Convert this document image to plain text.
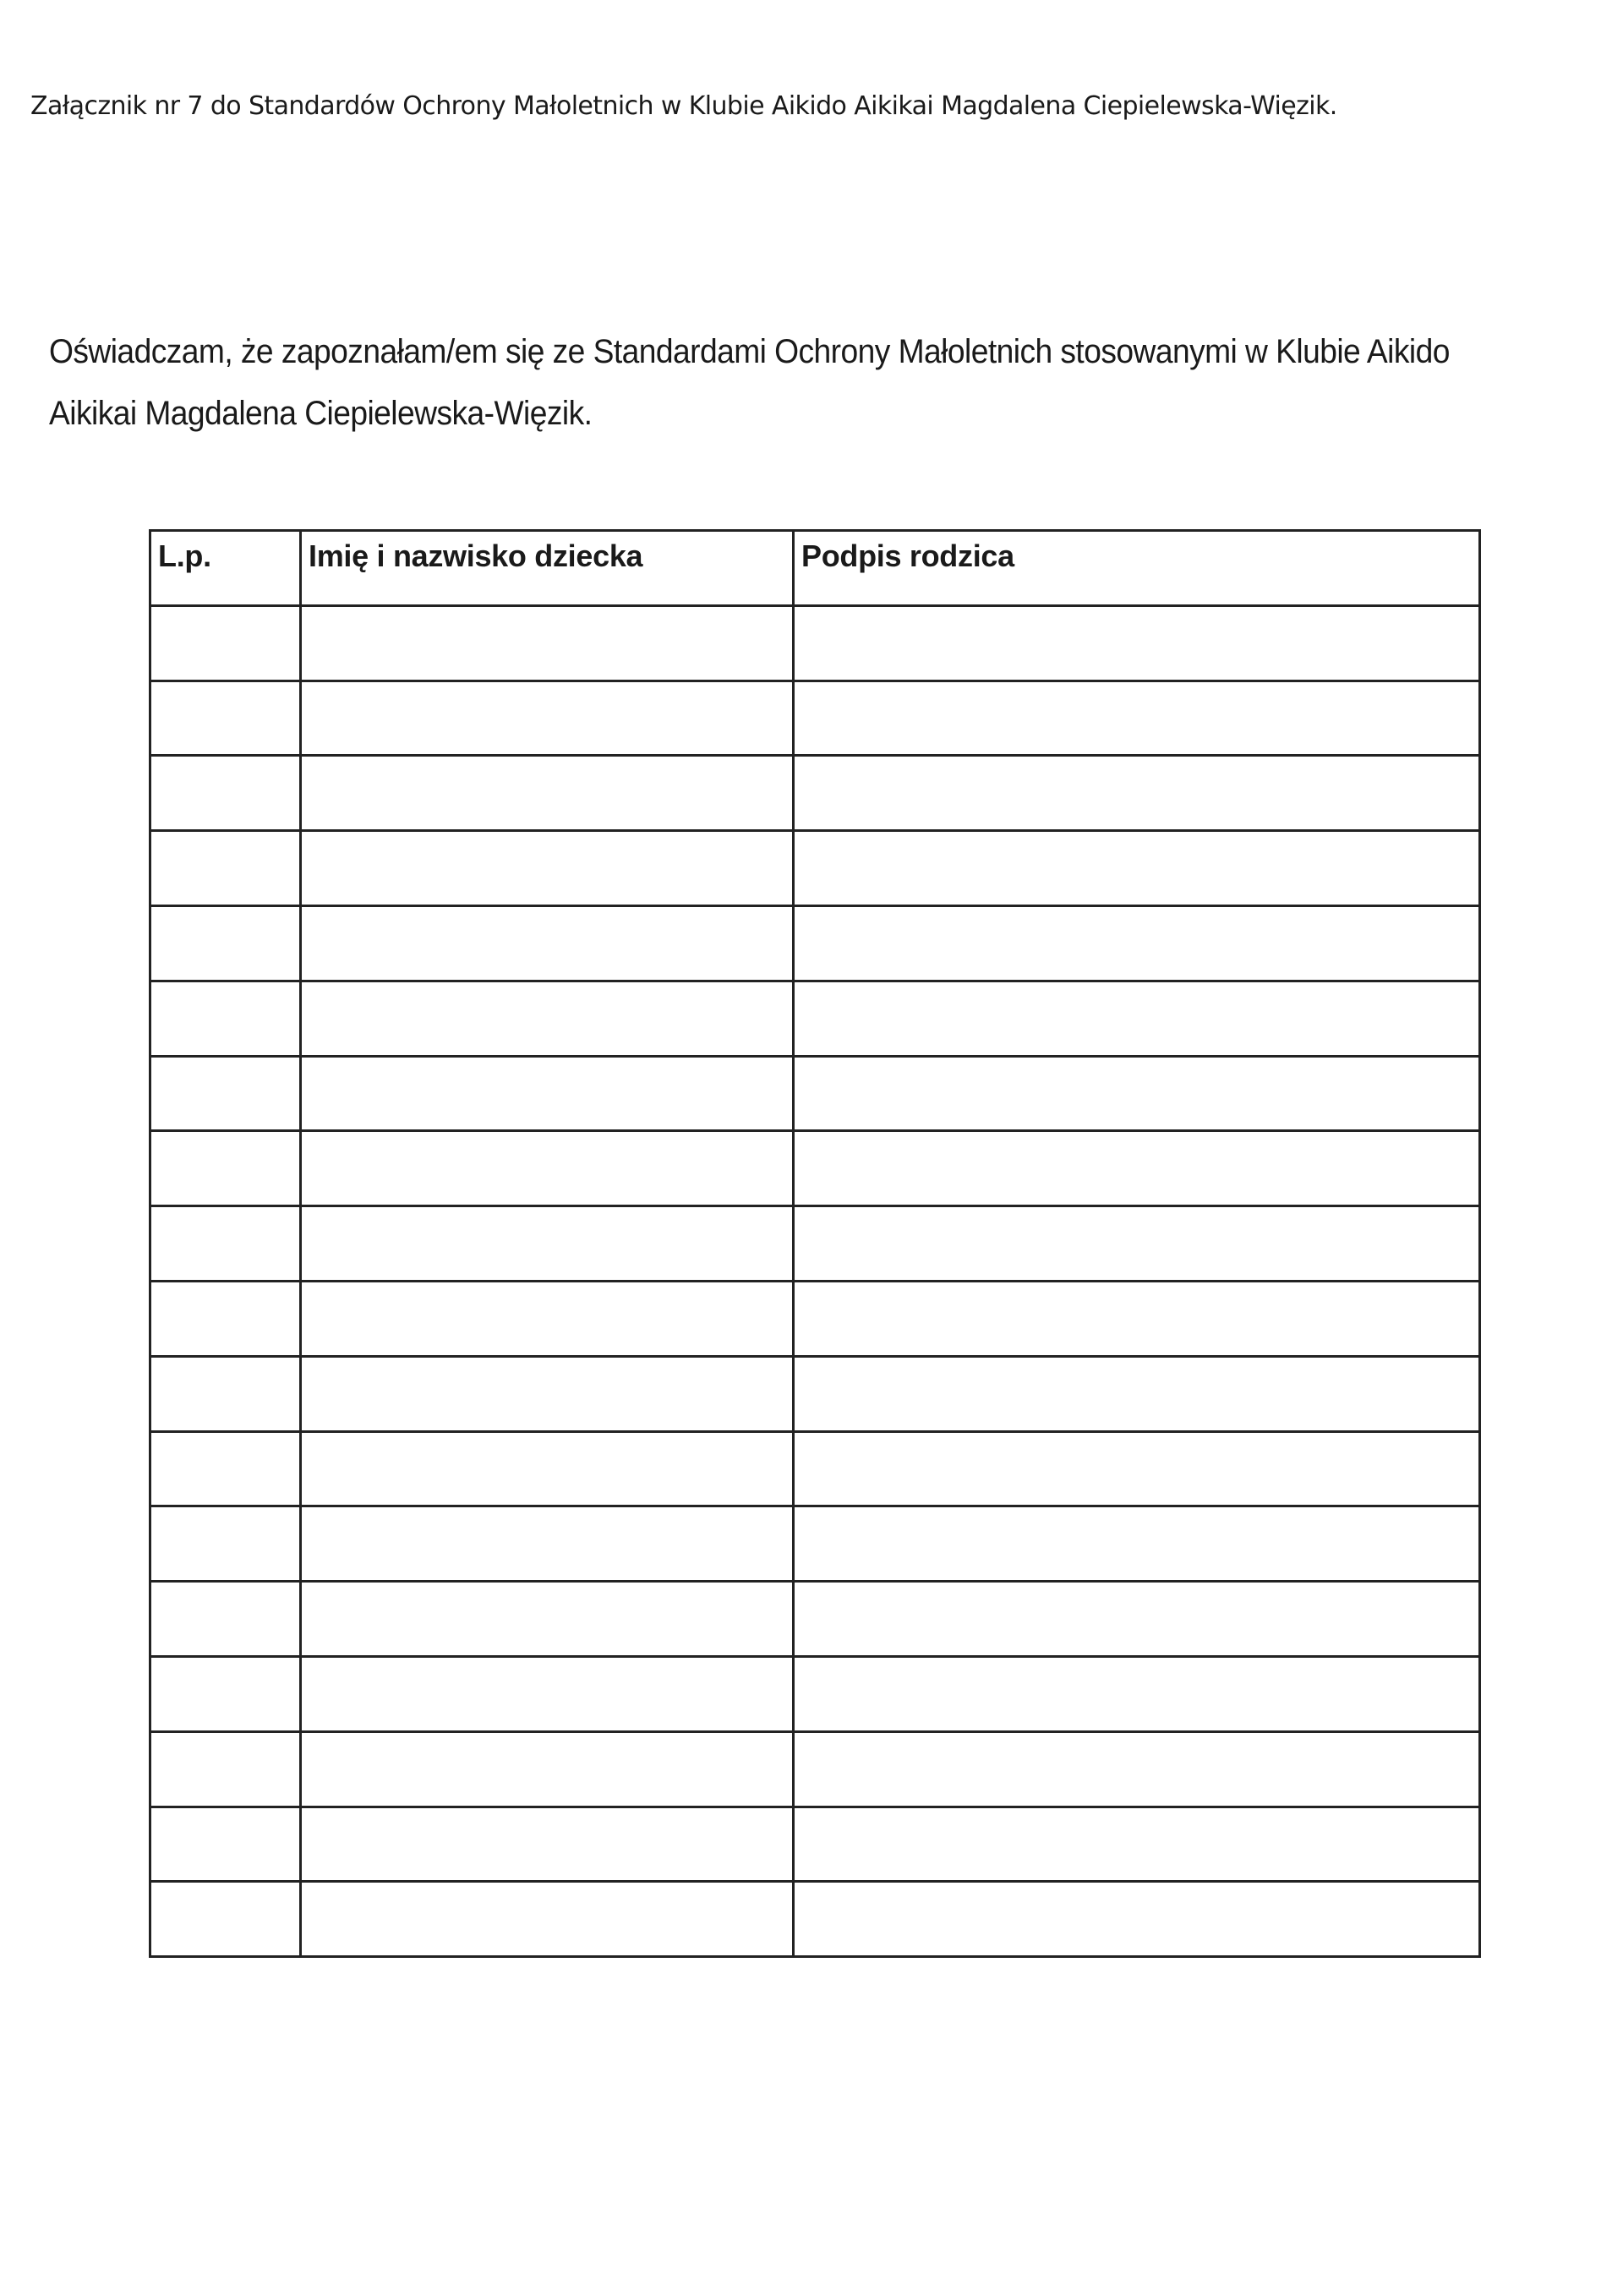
Załącznik nr 7 do Standardów Ochrony Małoletnich w Klubie Aikido Aikikai Magdalena Ciepielewska-Więzik.
Oświadczam, że zapoznałam/em się ze Standardami Ochrony Małoletnich stosowanymi w Klubie Aikido
Aikikai Magdalena Ciepielewska-Więzik.
L.p.	Imię i nazwisko dziecka	Podpis rodzica
